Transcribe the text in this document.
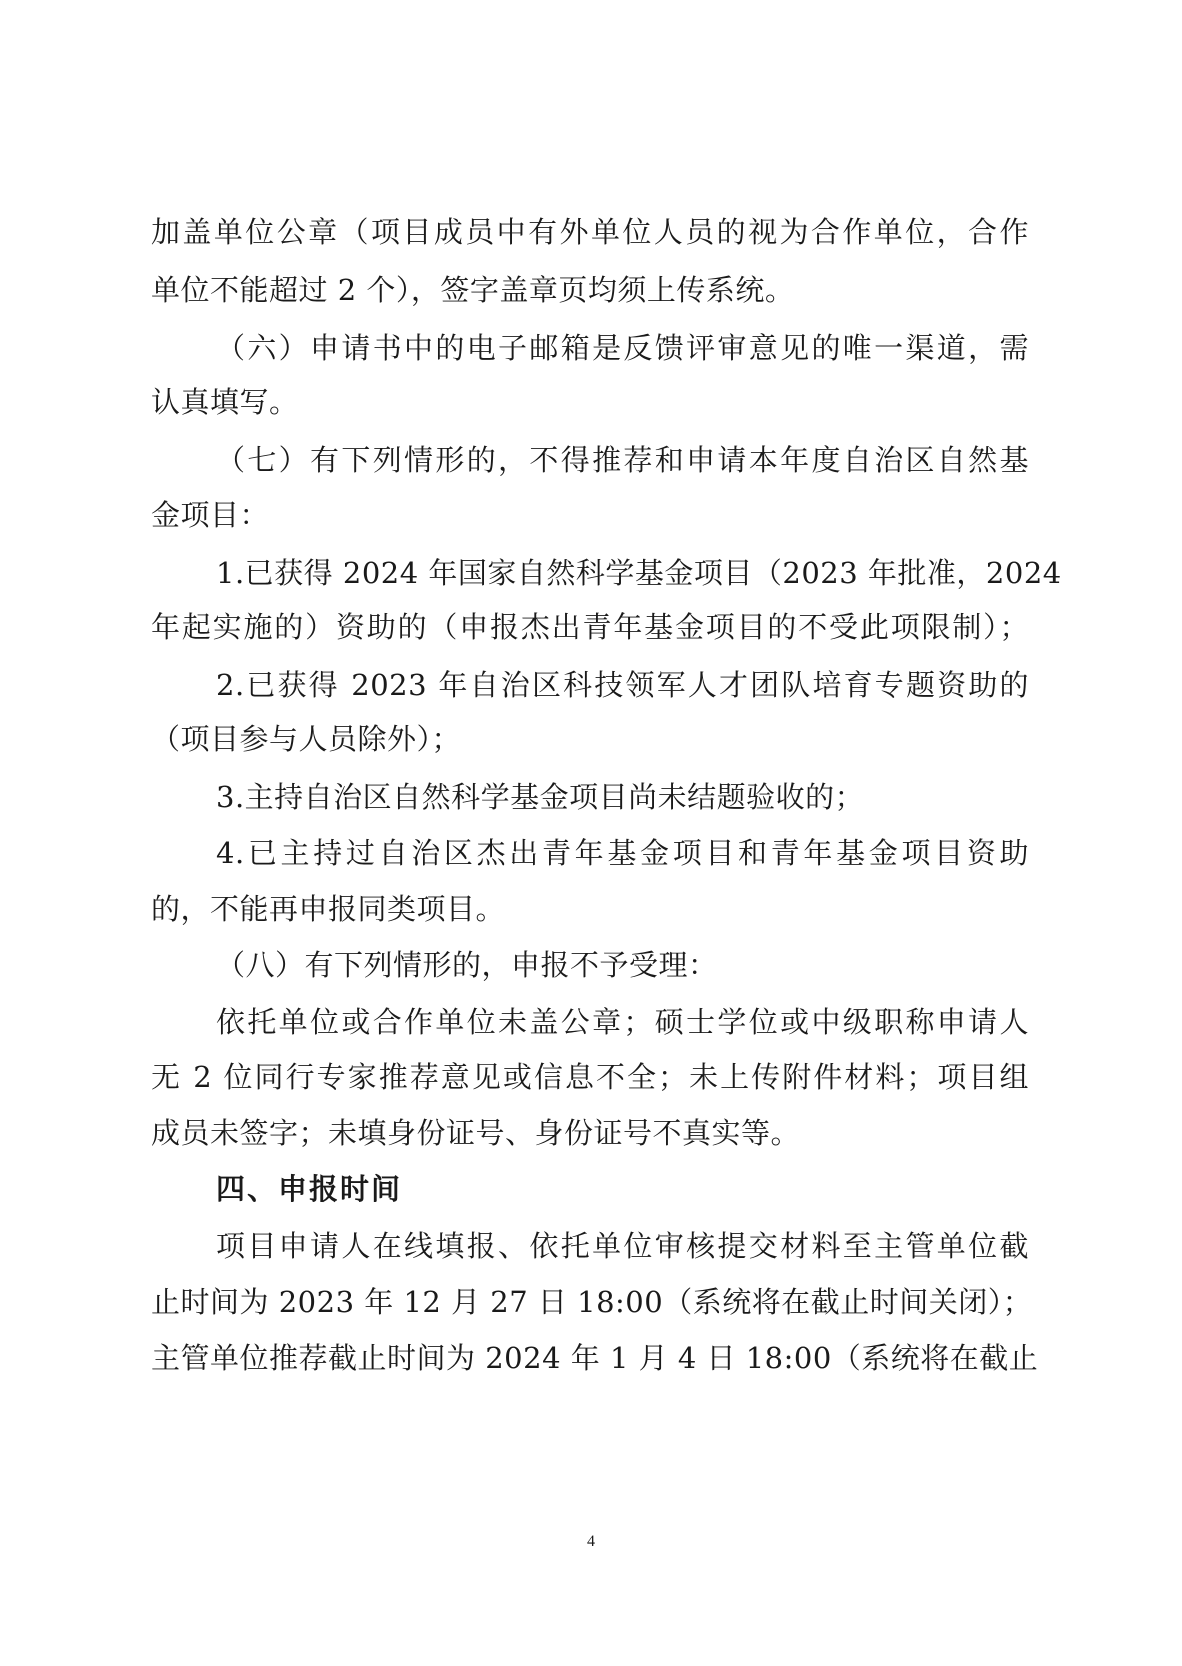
加盖单位公章（项目成员中有外单位人员的视为合作单位，合作
单位不能超过 2 个），签字盖章页均须上传系统。
（六）申请书中的电子邮箱是反馈评审意见的唯一渠道，需
认真填写。
（七）有下列情形的，不得推荐和申请本年度自治区自然基
金项目：
1.已获得 2024 年国家自然科学基金项目（2023 年批准，2024
年起实施的）资助的（申报杰出青年基金项目的不受此项限制）；
2.已获得 2023 年自治区科技领军人才团队培育专题资助的
（项目参与人员除外）；
3.主持自治区自然科学基金项目尚未结题验收的；
4.已主持过自治区杰出青年基金项目和青年基金项目资助
的，不能再申报同类项目。
（八）有下列情形的，申报不予受理：
依托单位或合作单位未盖公章；硕士学位或中级职称申请人
无 2 位同行专家推荐意见或信息不全；未上传附件材料；项目组
成员未签字；未填身份证号、身份证号不真实等。
四、申报时间
项目申请人在线填报、依托单位审核提交材料至主管单位截
止时间为 2023 年 12 月 27 日 18:00（系统将在截止时间关闭）；
主管单位推荐截止时间为 2024 年 1 月 4 日 18:00（系统将在截止
4
